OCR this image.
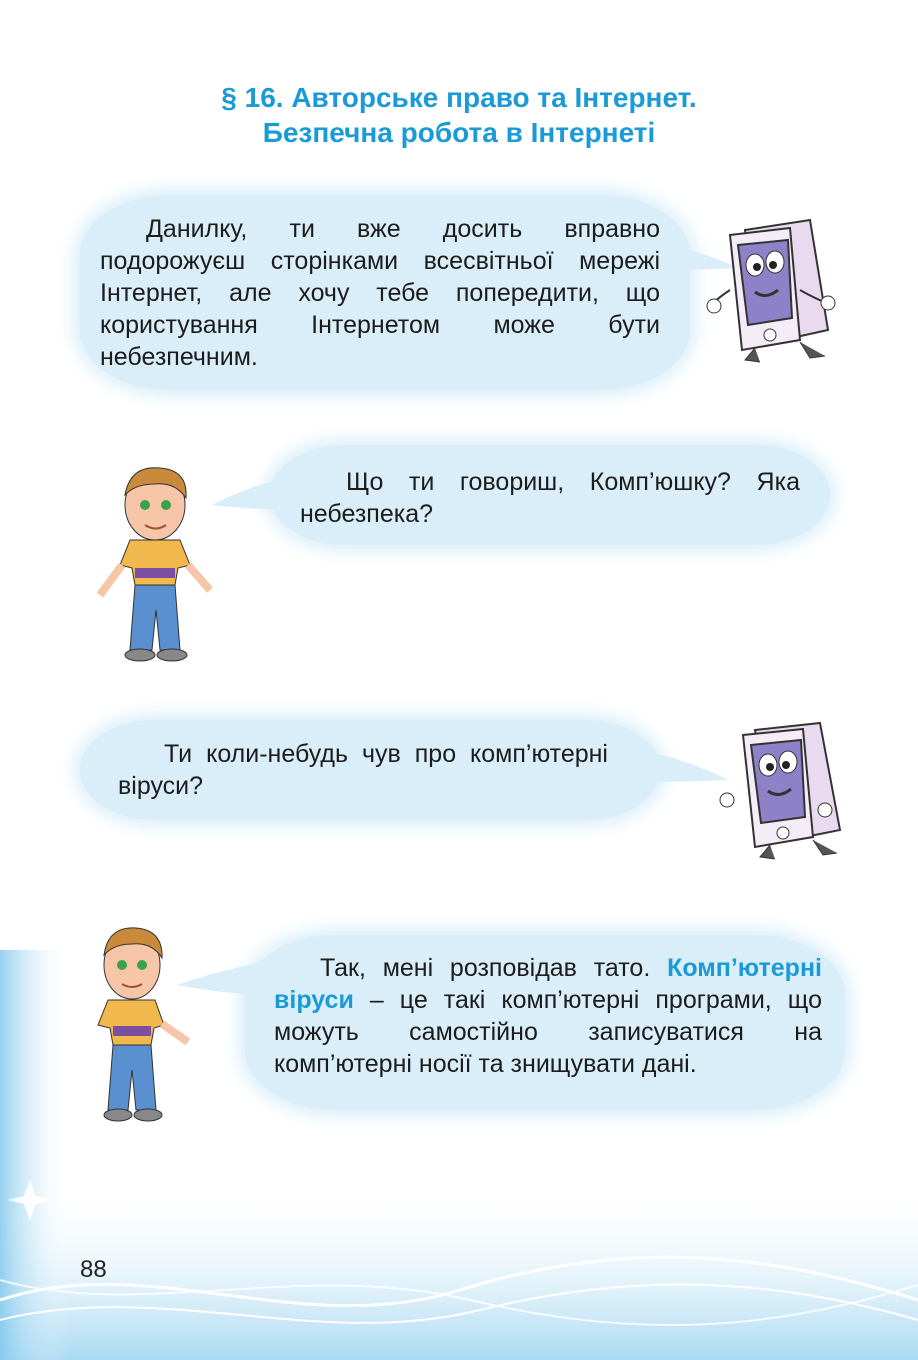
§ 16. Авторське право та Інтернет.
Безпечна робота в Інтернеті
Данилку, ти вже досить вправно подорожуєш сторінками всесвітньої мережі Інтернет, але хочу тебе попередити, що користування Інтернетом може бути небезпечним.
Що ти говориш, Комп’юшку? Яка небезпека?
Ти коли-небудь чув про комп’ютерні віруси?
Так, мені розповідав тато. Комп’ютерні віруси – це такі комп’ютерні програми, що можуть самостійно записуватися на комп’ютерні носії та знищувати дані.
88
